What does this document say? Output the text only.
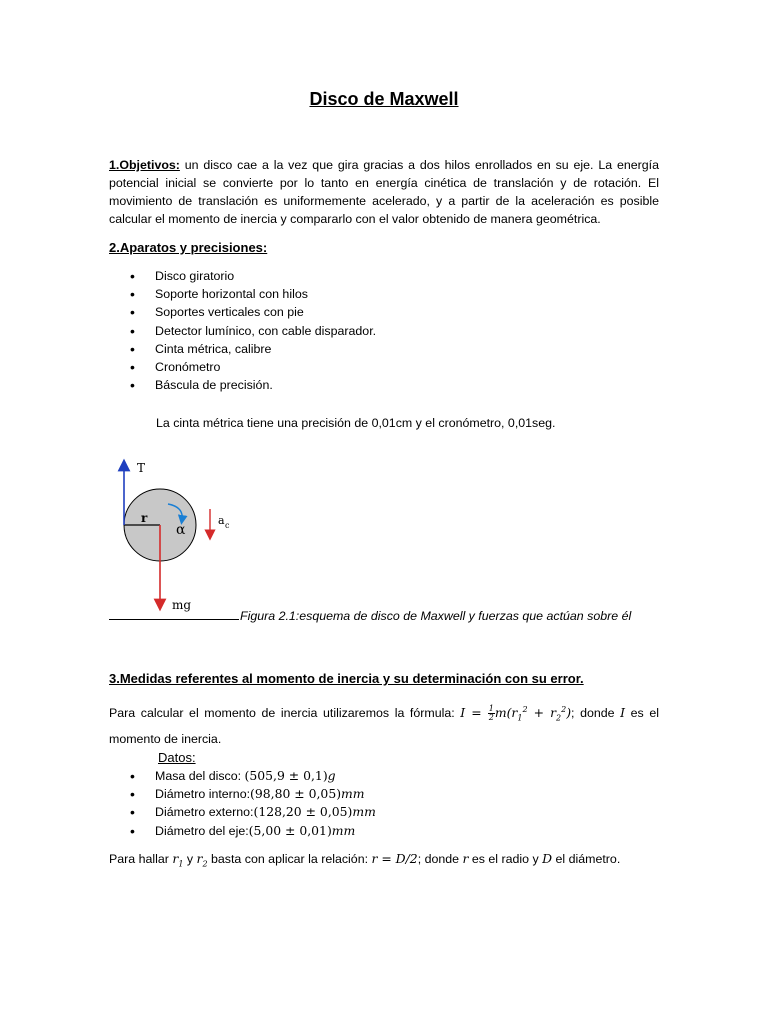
Disco de Maxwell
1.Objetivos: un disco cae a la vez que gira gracias a dos hilos enrollados en su eje. La energía potencial inicial se convierte por lo tanto en energía cinética de translación y de rotación. El movimiento de translación es uniformemente acelerado, y a partir de la aceleración es posible calcular el momento de inercia y compararlo con el valor obtenido de manera geométrica.
2.Aparatos y precisiones:
• Disco giratorio
• Soporte horizontal con hilos
• Soportes verticales con pie
• Detector lumínico, con cable disparador.
• Cinta métrica, calibre
• Cronómetro
• Báscula de precisión.
La cinta métrica tiene una precisión de 0,01cm y el cronómetro, 0,01seg.
T
r
α
a c
mg
Figura 2.1:esquema de disco de Maxwell y fuerzas que actúan sobre él
3.Medidas referentes al momento de inercia y su determinación con su error.
Para calcular el momento de inercia utilizaremos la fórmula: $I = \frac{1}{2} m(r_1^2 + r_2^2)$; donde I es el momento de inercia.
Datos:
• Masa del disco: (505,9 ± 0,1)g
• Diámetro interno:(98,80 ± 0,05)mm
• Diámetro externo:(128,20 ± 0,05)mm
• Diámetro del eje:(5,00 ± 0,01)mm
Para hallar $r_1$ y $r_2$ basta con aplicar la relación: r = D/2; donde r es el radio y D el diámetro.
